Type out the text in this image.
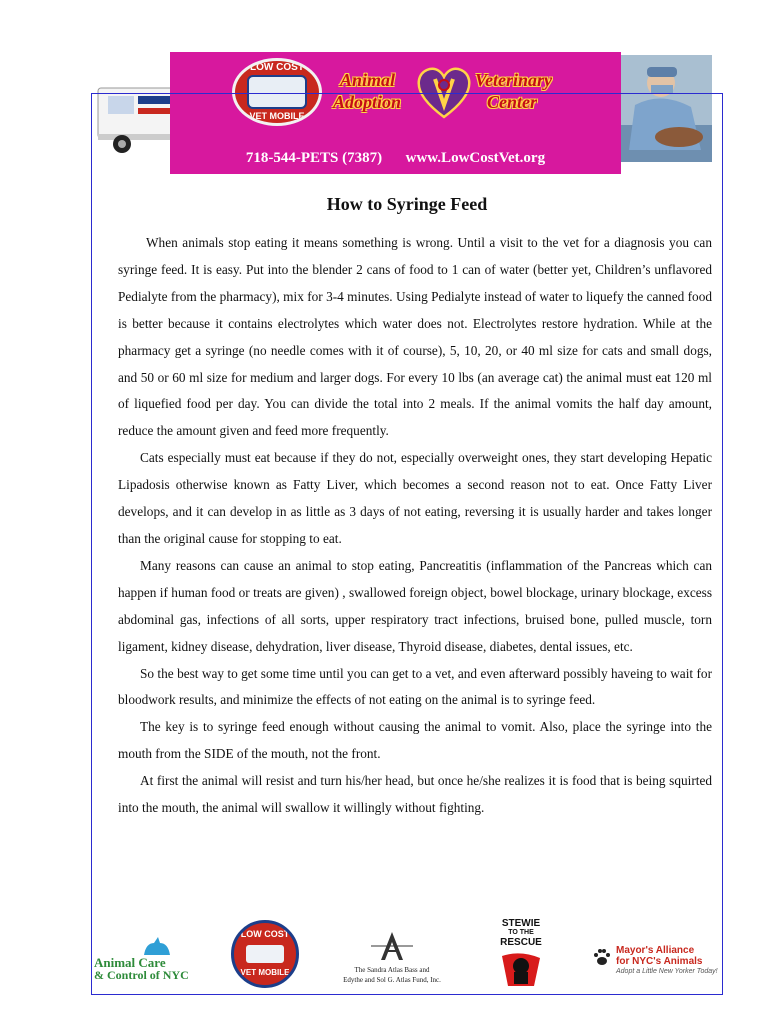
LOW COST
VET MOBILE
Animal
Adoption
Veterinary
Center
718-544-PETS (7387) www.LowCostVet.org
How to Syringe Feed

When animals stop eating it means something is wrong. Until a visit to the vet for a diagnosis you can syringe feed. It is easy. Put into the blender 2 cans of food to 1 can of water (better yet, Children’s unflavored Pedialyte from the pharmacy), mix for 3-4 minutes. Using Pedialyte instead of water to liquefy the canned food is better because it contains electrolytes which water does not. Electrolytes restore hydration. While at the pharmacy get a syringe (no needle comes with it of course), 5, 10, 20, or 40 ml size for cats and small dogs, and 50 or 60 ml size for medium and larger dogs. For every 10 lbs (an average cat) the animal must eat 120 ml of liquefied food per day. You can divide the total into 2 meals. If the animal vomits the half day amount, reduce the amount given and feed more frequently.

Cats especially must eat because if they do not, especially overweight ones, they start developing Hepatic Lipadosis otherwise known as Fatty Liver, which becomes a second reason not to eat. Once Fatty Liver develops, and it can develop in as little as 3 days of not eating, reversing it is usually harder and takes longer than the original cause for stopping to eat.

Many reasons can cause an animal to stop eating, Pancreatitis (inflammation of the Pancreas which can happen if human food or treats are given) , swallowed foreign object, bowel blockage, urinary blockage, excess abdominal gas, infections of all sorts, upper respiratory tract infections, bruised bone, pulled muscle, torn ligament, kidney disease, dehydration, liver disease, Thyroid disease, diabetes, dental issues, etc.

So the best way to get some time until you can get to a vet, and even afterward possibly haveing to wait for bloodwork results, and minimize the effects of not eating on the animal is to syringe feed.

The key is to syringe feed enough without causing the animal to vomit. Also, place the syringe into the mouth from the SIDE of the mouth, not the front.

At first the animal will resist and turn his/her head, but once he/she realizes it is food that is being squirted into the mouth, the animal will swallow it willingly without fighting.

Animal Care
& Control of NYC
LOW COST
VET MOBILE	The Sandra Atlas Bass and
Edythe and Sol G. Atlas Fund, Inc.
STEWIE
TO THE
RESCUE
Mayor's Alliance
for NYC's Animals
Adopt a Little New Yorker Today!
